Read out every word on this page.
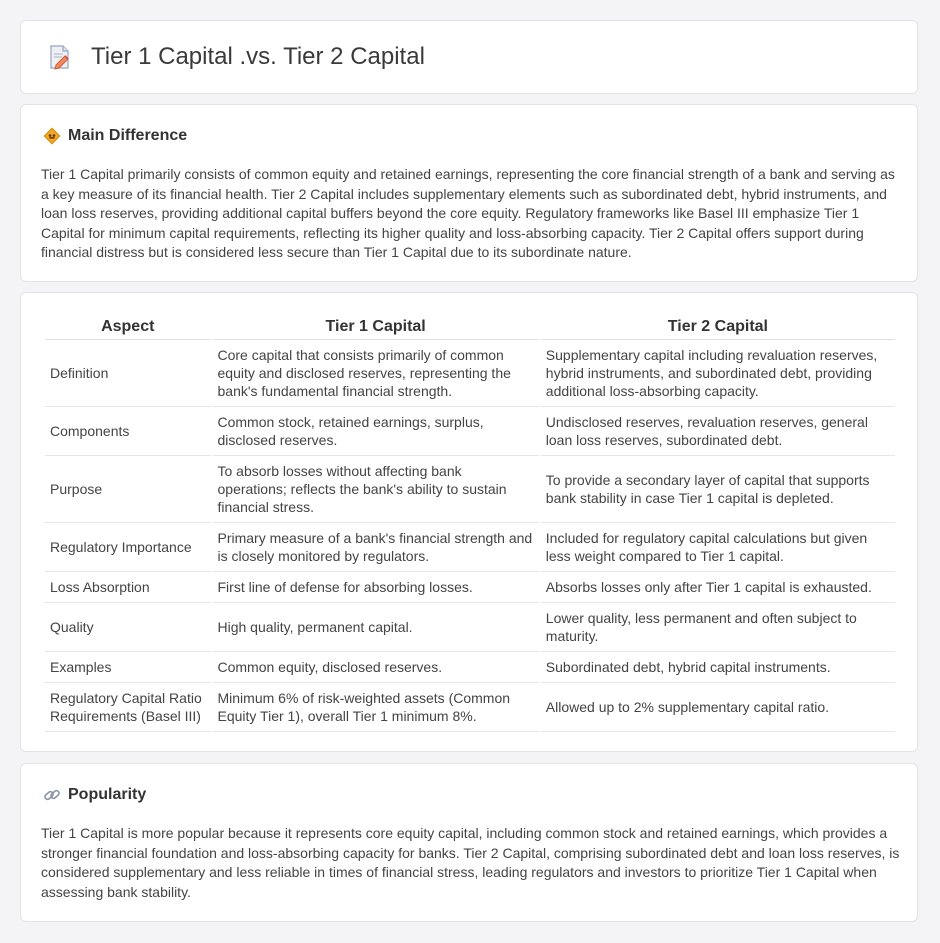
Tier 1 Capital .vs. Tier 2 Capital
Main Difference

Tier 1 Capital primarily consists of common equity and retained earnings, representing the core financial strength of a bank and serving as a key measure of its financial health. Tier 2 Capital includes supplementary elements such as subordinated debt, hybrid instruments, and loan loss reserves, providing additional capital buffers beyond the core equity. Regulatory frameworks like Basel III emphasize Tier 1 Capital for minimum capital requirements, reflecting its higher quality and loss-absorbing capacity. Tier 2 Capital offers support during financial distress but is considered less secure than Tier 1 Capital due to its subordinate nature.

Aspect	Tier 1 Capital	Tier 2 Capital
Definition	Core capital that consists primarily of common equity and disclosed reserves, representing the bank's fundamental financial strength.	Supplementary capital including revaluation reserves, hybrid instruments, and subordinated debt, providing additional loss-absorbing capacity.
Components	Common stock, retained earnings, surplus, disclosed reserves.	Undisclosed reserves, revaluation reserves, general loan loss reserves, subordinated debt.
Purpose	To absorb losses without affecting bank operations; reflects the bank's ability to sustain financial stress.	To provide a secondary layer of capital that supports bank stability in case Tier 1 capital is depleted.
Regulatory Importance	Primary measure of a bank's financial strength and is closely monitored by regulators.	Included for regulatory capital calculations but given less weight compared to Tier 1 capital.
Loss Absorption	First line of defense for absorbing losses.	Absorbs losses only after Tier 1 capital is exhausted.
Quality	High quality, permanent capital.	Lower quality, less permanent and often subject to maturity.
Examples	Common equity, disclosed reserves.	Subordinated debt, hybrid capital instruments.
Regulatory Capital Ratio Requirements (Basel III)	Minimum 6% of risk-weighted assets (Common Equity Tier 1), overall Tier 1 minimum 8%.	Allowed up to 2% supplementary capital ratio.
Popularity

Tier 1 Capital is more popular because it represents core equity capital, including common stock and retained earnings, which provides a stronger financial foundation and loss-absorbing capacity for banks. Tier 2 Capital, comprising subordinated debt and loan loss reserves, is considered supplementary and less reliable in times of financial stress, leading regulators and investors to prioritize Tier 1 Capital when assessing bank stability.
